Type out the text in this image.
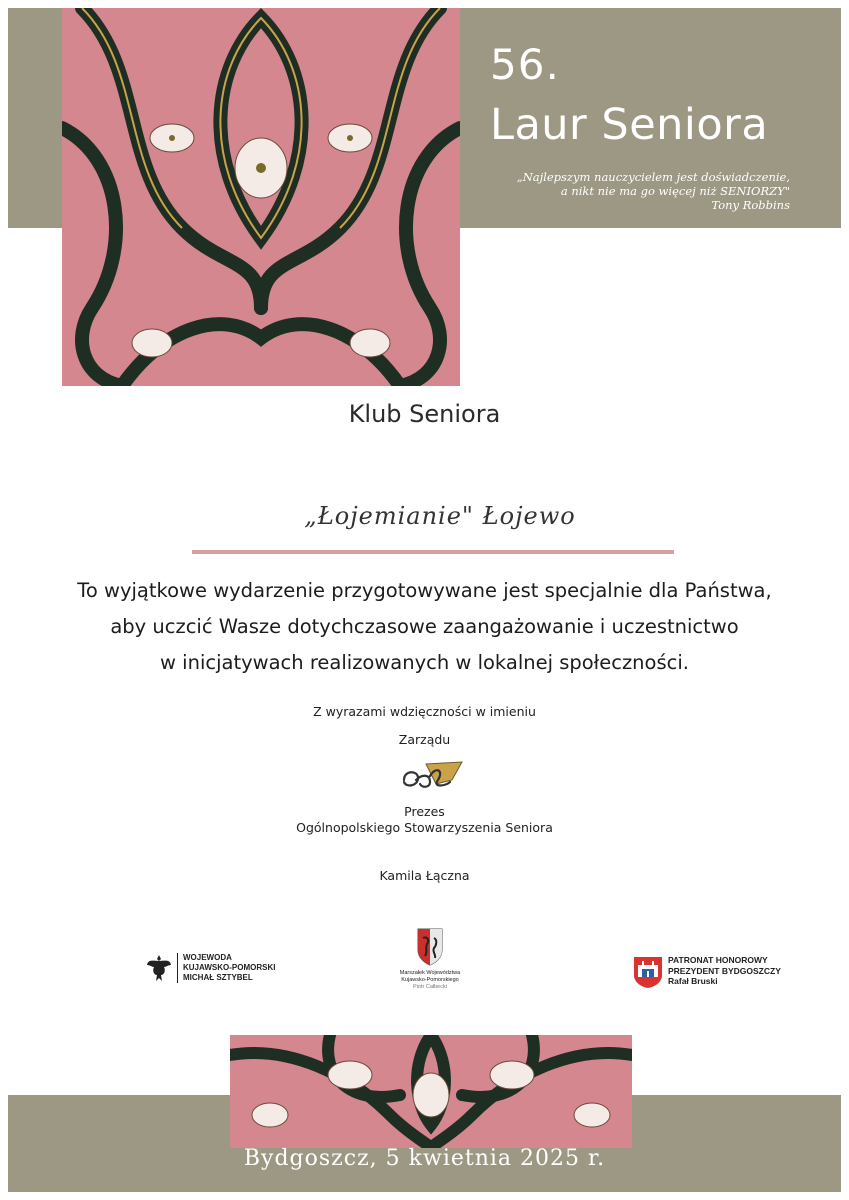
56.
Laur Seniora
„Najlepszym nauczycielem jest doświadczenie,
a nikt nie ma go więcej niż SENIORZY"
Tony Robbins
Klub Seniora
„Łojemianie" Łojewo
To wyjątkowe wydarzenie przygotowywane jest specjalnie dla Państwa,
aby uczcić Wasze dotychczasowe zaangażowanie i uczestnictwo
w inicjatywach realizowanych w lokalnej społeczności.
Z wyrazami wdzięczności w imieniu
Zarządu
Prezes
Ogólnopolskiego Stowarzyszenia Seniora
Kamila Łączna
WOJEWODA
KUJAWSKO-POMORSKI
MICHAŁ SZTYBEL	Marszałek Województwa
Kujawsko-Pomorskiego
Piotr Całbecki
PATRONAT HONOROWY
PREZYDENT BYDGOSZCZY
Rafał Bruski
Bydgoszcz, 5 kwietnia 2025 r.
